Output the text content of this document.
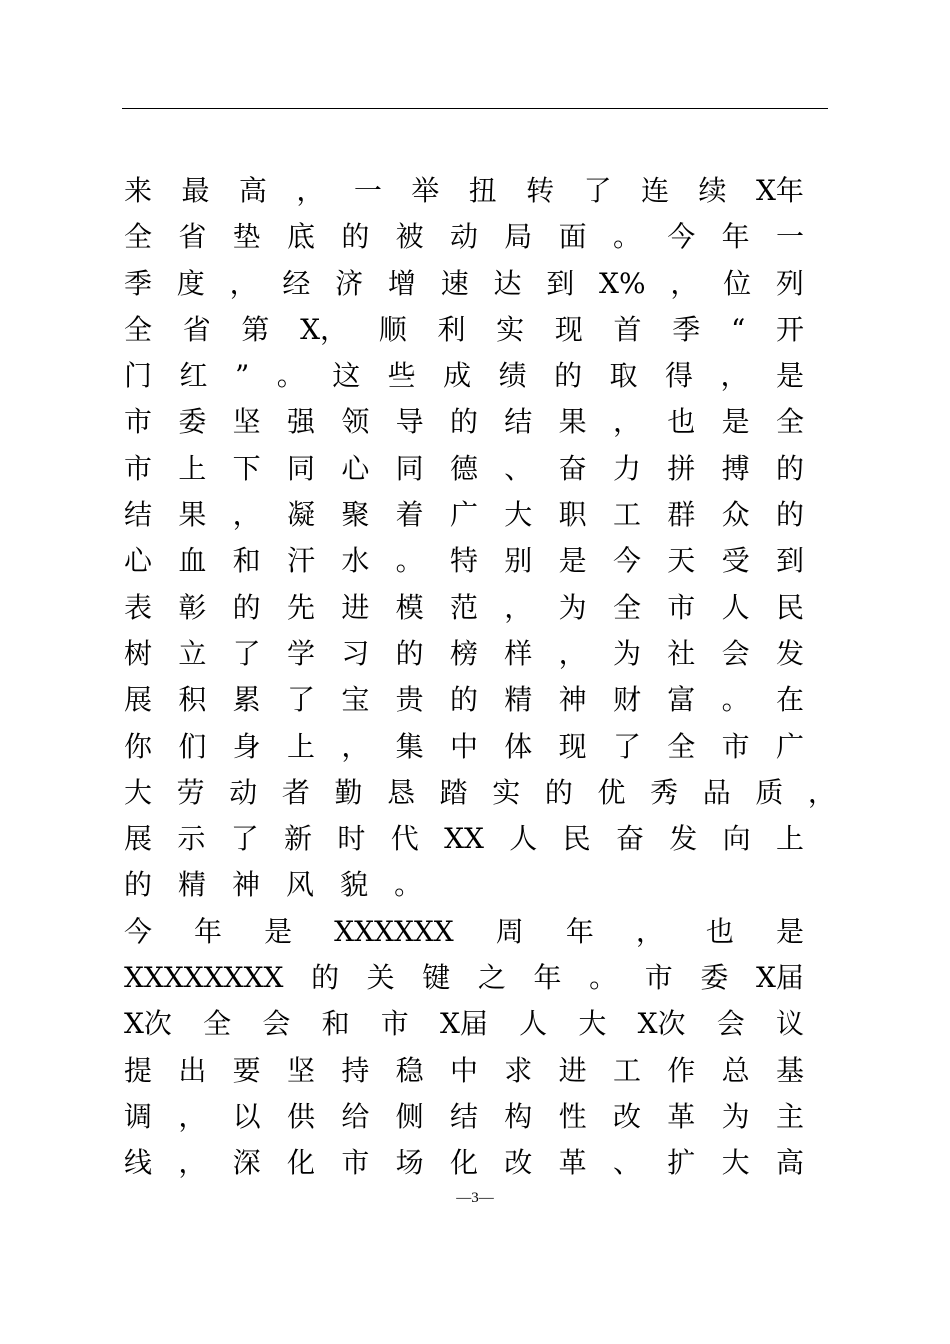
来 最 高 ， 一 举 扭 转 了 连 续 X年
全 省 垫 底 的 被 动 局 面 。 今 年 一
季 度 ， 经 济 增 速 达 到 X% ， 位 列
全 省 第 X， 顺 利 实 现 首 季 “ 开
门 红 ” 。 这 些 成 绩 的 取 得 ， 是
市 委 坚 强 领 导 的 结 果 ， 也 是 全
市 上 下 同 心 同 德 、 奋 力 拼 搏 的
结 果 ， 凝 聚 着 广 大 职 工 群 众 的
心 血 和 汗 水 。 特 别 是 今 天 受 到
表 彰 的 先 进 模 范 ， 为 全 市 人 民
树 立 了 学 习 的 榜 样 ， 为 社 会 发
展 积 累 了 宝 贵 的 精 神 财 富 。 在
你 们 身 上 ， 集 中 体 现 了 全 市 广
大 劳 动 者 勤 恳 踏 实 的 优 秀 品 质 ，
展 示 了 新 时 代 XX 人 民 奋 发 向 上
的 精 神 风 貌 。
今 年 是 XXXXXX 周 年 ， 也 是
XXXXXXXX 的 关 键 之 年 。 市 委 X届
X次 全 会 和 市 X届 人 大 X次 会 议
提 出 要 坚 持 稳 中 求 进 工 作 总 基
调 ， 以 供 给 侧 结 构 性 改 革 为 主
线 ， 深 化 市 场 化 改 革 、 扩 大 高
—3—
